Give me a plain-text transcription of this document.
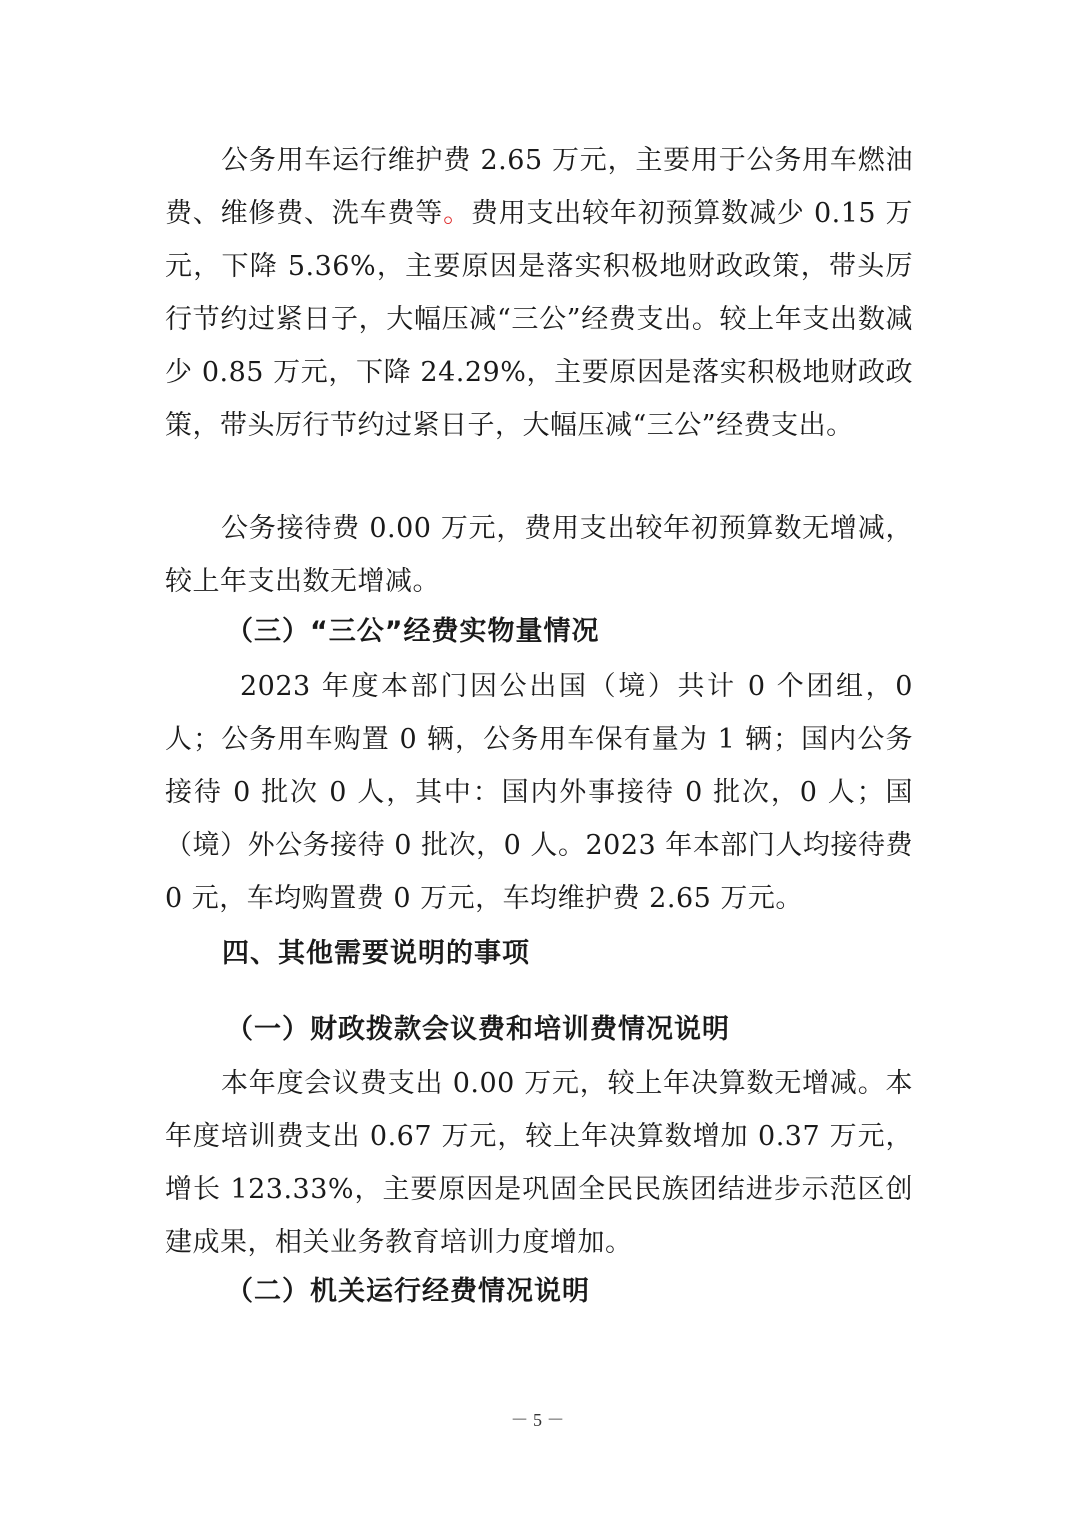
公务用车运行维护费 2.65 万元，主要用于公务用车燃油费、维修费、洗车费等。费用支出较年初预算数减少 0.15 万元，下降 5.36%，主要原因是落实积极地财政政策，带头厉行节约过紧日子，大幅压减“三公”经费支出。较上年支出数减少 0.85 万元，下降 24.29%，主要原因是落实积极地财政政策，带头厉行节约过紧日子，大幅压减“三公”经费支出。

公务接待费 0.00 万元，费用支出较年初预算数无增减，较上年支出数无增减。

（三）“三公”经费实物量情况

2023 年度本部门因公出国（境）共计 0 个团组，0 人；公务用车购置 0 辆，公务用车保有量为 1 辆；国内公务接待 0 批次 0 人，其中：国内外事接待 0 批次，0 人；国（境）外公务接待 0 批次，0 人。2023 年本部门人均接待费 0 元，车均购置费 0 万元，车均维护费 2.65 万元。

四、其他需要说明的事项
（一）财政拨款会议费和培训费情况说明

本年度会议费支出 0.00 万元，较上年决算数无增减。本年度培训费支出 0.67 万元，较上年决算数增加 0.37 万元，增长 123.33%，主要原因是巩固全民民族团结进步示范区创建成果，相关业务教育培训力度增加。

（二）机关运行经费情况说明
－ 5 －
